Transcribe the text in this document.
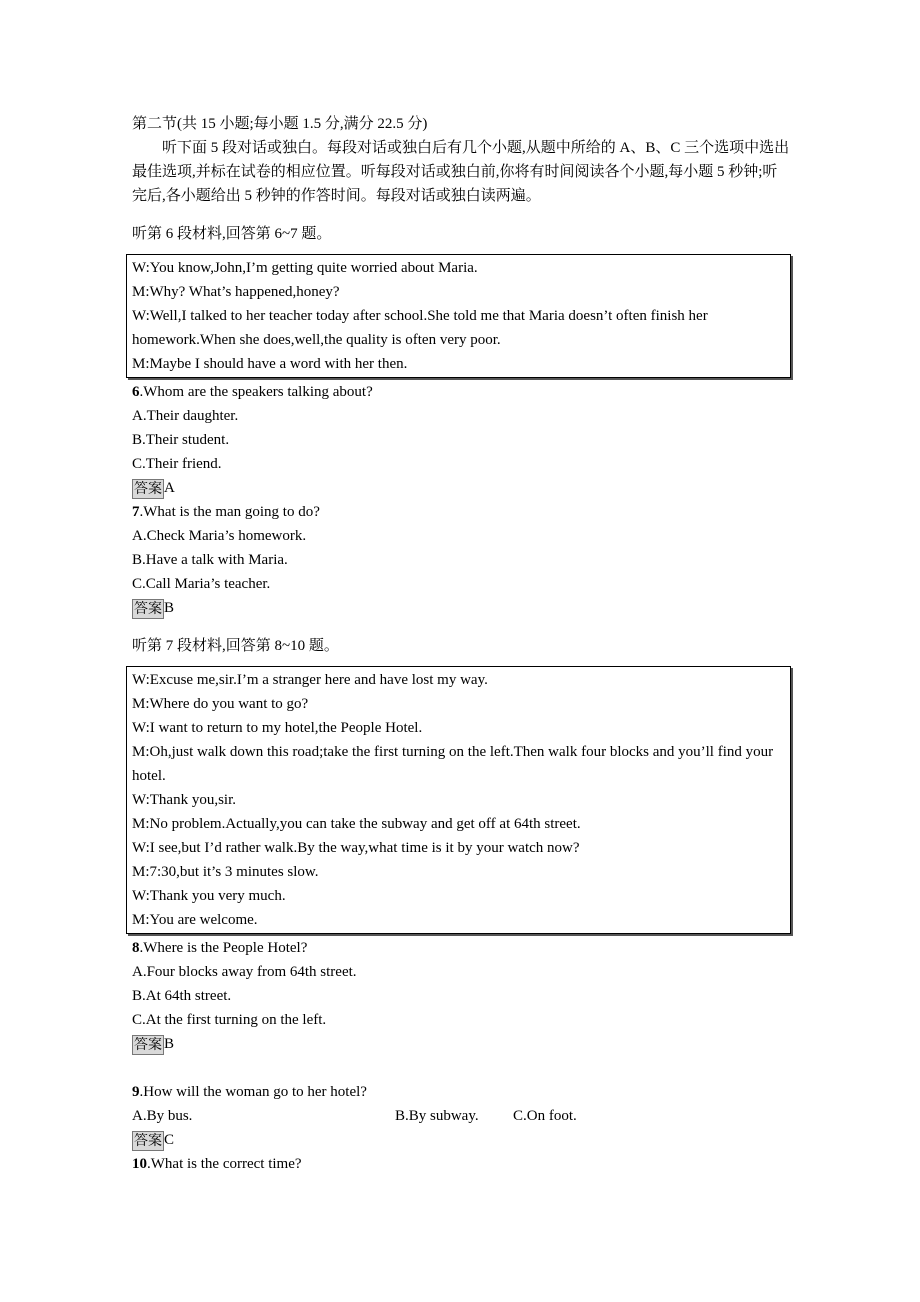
第二节(共 15 小题;每小题 1.5 分,满分 22.5 分)
听下面 5 段对话或独白。每段对话或独白后有几个小题,从题中所给的 A、B、C 三个选项中选出最佳选项,并标在试卷的相应位置。听每段对话或独白前,你将有时间阅读各个小题,每小题 5 秒钟;听完后,各小题给出 5 秒钟的作答时间。每段对话或独白读两遍。
听第 6 段材料,回答第 6~7 题。
W:You know,John,I’m getting quite worried about Maria.
M:Why? What’s happened,honey?
W:Well,I talked to her teacher today after school.She told me that Maria doesn’t often finish her homework.When she does,well,the quality is often very poor.
M:Maybe I should have a word with her then.
6.Whom are the speakers talking about?
A.Their daughter.
B.Their student.
C.Their friend.
答案 A
7.What is the man going to do?
A.Check Maria’s homework.
B.Have a talk with Maria.
C.Call Maria’s teacher.
答案 B
听第 7 段材料,回答第 8~10 题。
W:Excuse me,sir.I’m a stranger here and have lost my way.
M:Where do you want to go?
W:I want to return to my hotel,the People Hotel.
M:Oh,just walk down this road;take the first turning on the left.Then walk four blocks and you’ll find your hotel.
W:Thank you,sir.
M:No problem.Actually,you can take the subway and get off at 64th street.
W:I see,but I’d rather walk.By the way,what time is it by your watch now?
M:7:30,but it’s 3 minutes slow.
W:Thank you very much.
M:You are welcome.
8.Where is the People Hotel?
A.Four blocks away from 64th street.
B.At 64th street.
C.At the first turning on the left.
答案 B
9.How will the woman go to her hotel?
A.By bus.	B.By subway. C.On foot.
答案 C
10.What is the correct time?
